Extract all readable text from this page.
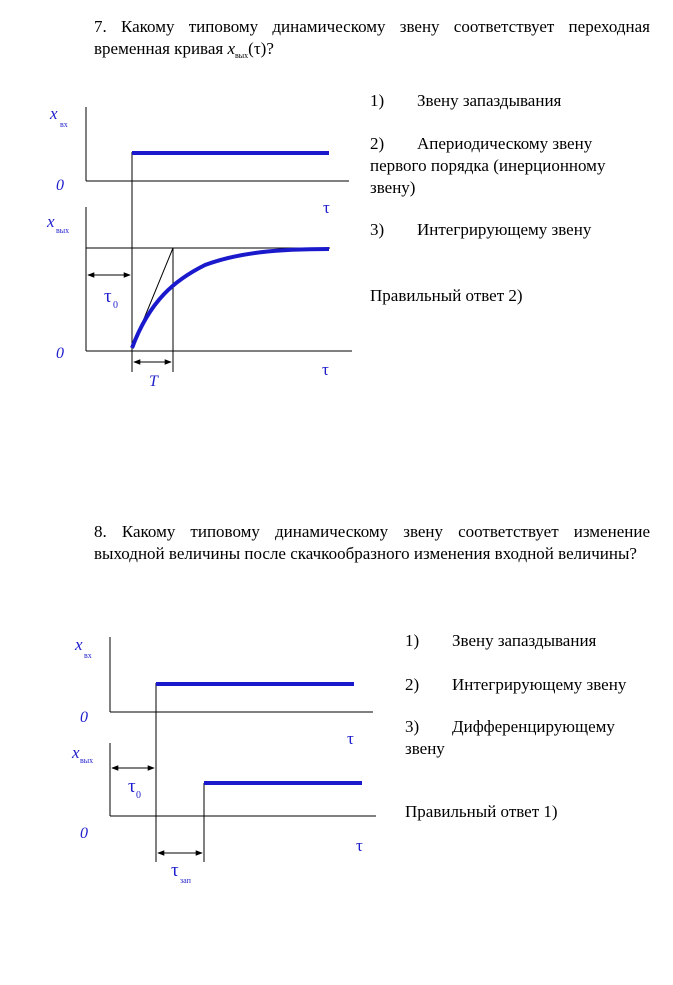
7. Какому типовому динамическому звену соответствует переходная временная кривая $x_{вых}(\tau)$?
x
вх
0
τ
x вых
τ 0
0
τ
T
x
вх
0
τ
x вых
τ 0
0
τ
τ зап
1) Звену запаздывания
2) Апериодическому звену первого порядка (инерционному звену)
3) Интегрирующему звену
Правильный ответ 2)
8. Какому типовому динамическому звену соответствует изменение выходной величины после скачкообразного изменения входной величины?
1) Звену запаздывания
2) Интегрирующему звену
3) Дифференцирующему звену
Правильный ответ 1)
